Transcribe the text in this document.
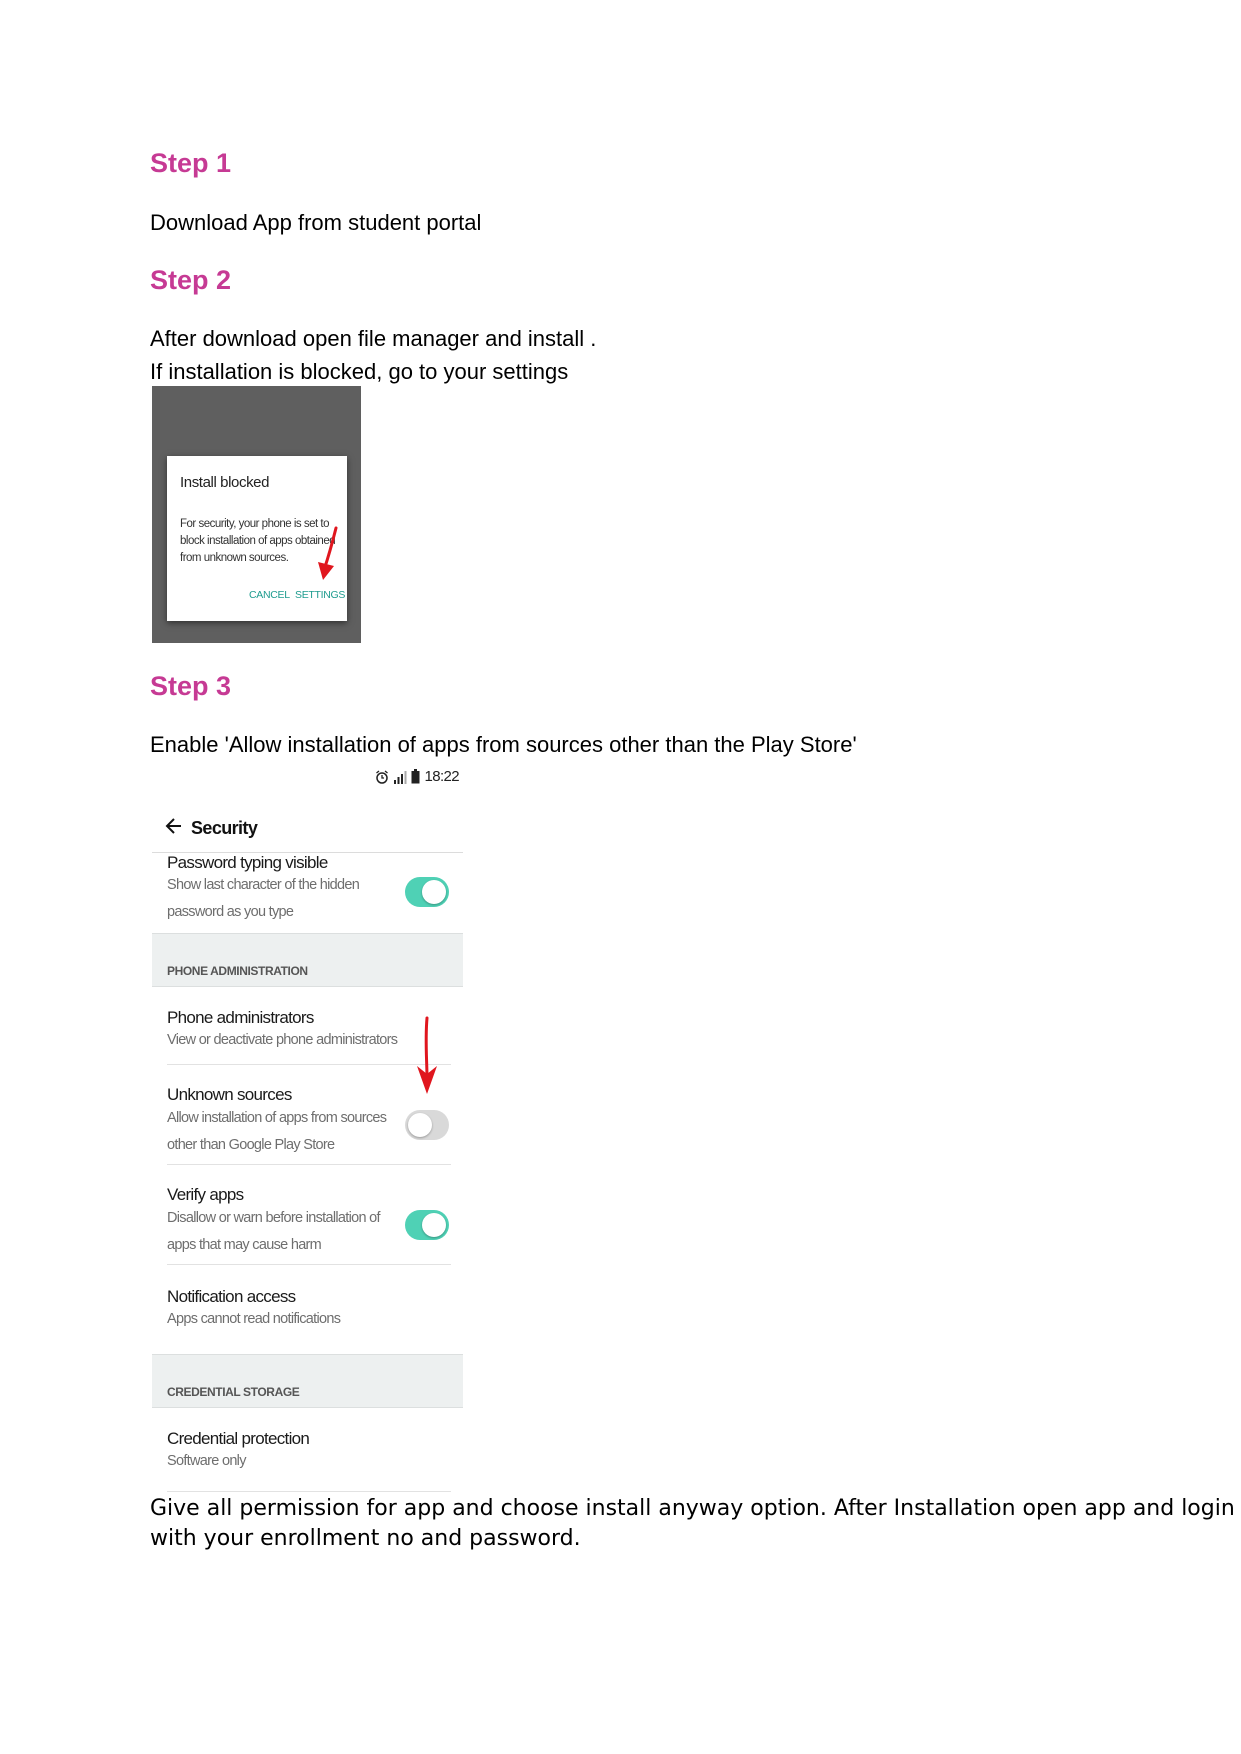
Step 1

Download App from student portal

Step 2

After download open file manager and install .

If installation is blocked, go to your settings

Install blocked
For security, your phone is set to block installation of apps obtained from unknown sources.
CANCEL SETTINGS
Step 3

Enable 'Allow installation of apps from sources other than the Play Store'

18:22
Security
Password typing visible
Show last character of the hidden
password as you type
PHONE ADMINISTRATION
Phone administrators
View or deactivate phone administrators
Unknown sources
Allow installation of apps from sources
other than Google Play Store
Verify apps
Disallow or warn before installation of
apps that may cause harm
Notification access
Apps cannot read notifications
CREDENTIAL STORAGE
Credential protection
Software only
Give all permission for app and choose install anyway option. After Installation open app and login
with your enrollment no and password.
